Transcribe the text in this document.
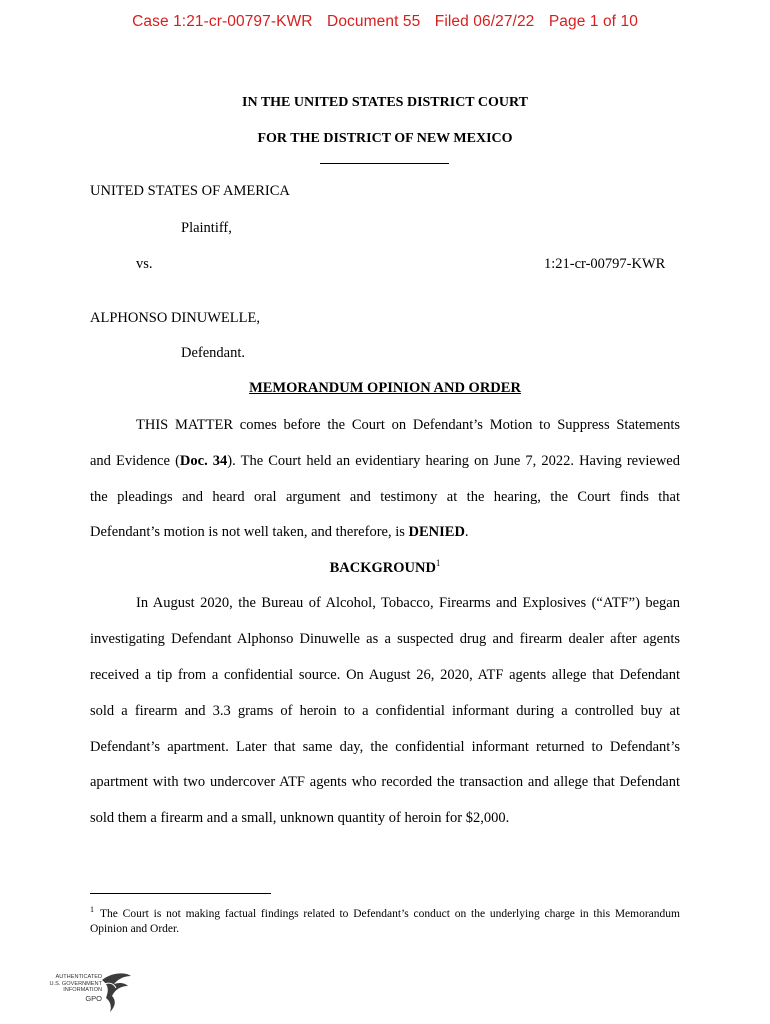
Case 1:21-cr-00797-KWR Document 55 Filed 06/27/22 Page 1 of 10
IN THE UNITED STATES DISTRICT COURT
FOR THE DISTRICT OF NEW MEXICO
UNITED STATES OF AMERICA
Plaintiff,
vs.	1:21-cr-00797-KWR
ALPHONSO DINUWELLE,
Defendant.
MEMORANDUM OPINION AND ORDER
THIS MATTER comes before the Court on Defendant’s Motion to Suppress Statements
and Evidence (Doc. 34). The Court held an evidentiary hearing on June 7, 2022. Having reviewed
the pleadings and heard oral argument and testimony at the hearing, the Court finds that
Defendant’s motion is not well taken, and therefore, is DENIED.
BACKGROUND$^1$
In August 2020, the Bureau of Alcohol, Tobacco, Firearms and Explosives (“ATF”) began
investigating Defendant Alphonso Dinuwelle as a suspected drug and firearm dealer after agents
received a tip from a confidential source. On August 26, 2020, ATF agents allege that Defendant
sold a firearm and 3.3 grams of heroin to a confidential informant during a controlled buy at
Defendant’s apartment. Later that same day, the confidential informant returned to Defendant’s
apartment with two undercover ATF agents who recorded the transaction and allege that Defendant
sold them a firearm and a small, unknown quantity of heroin for $2,000.
$^1$ The Court is not making factual findings related to Defendant’s conduct on the underlying charge in this Memorandum Opinion and Order.
AUTHENTICATED
U.S. GOVERNMENT
INFORMATION
GPO
